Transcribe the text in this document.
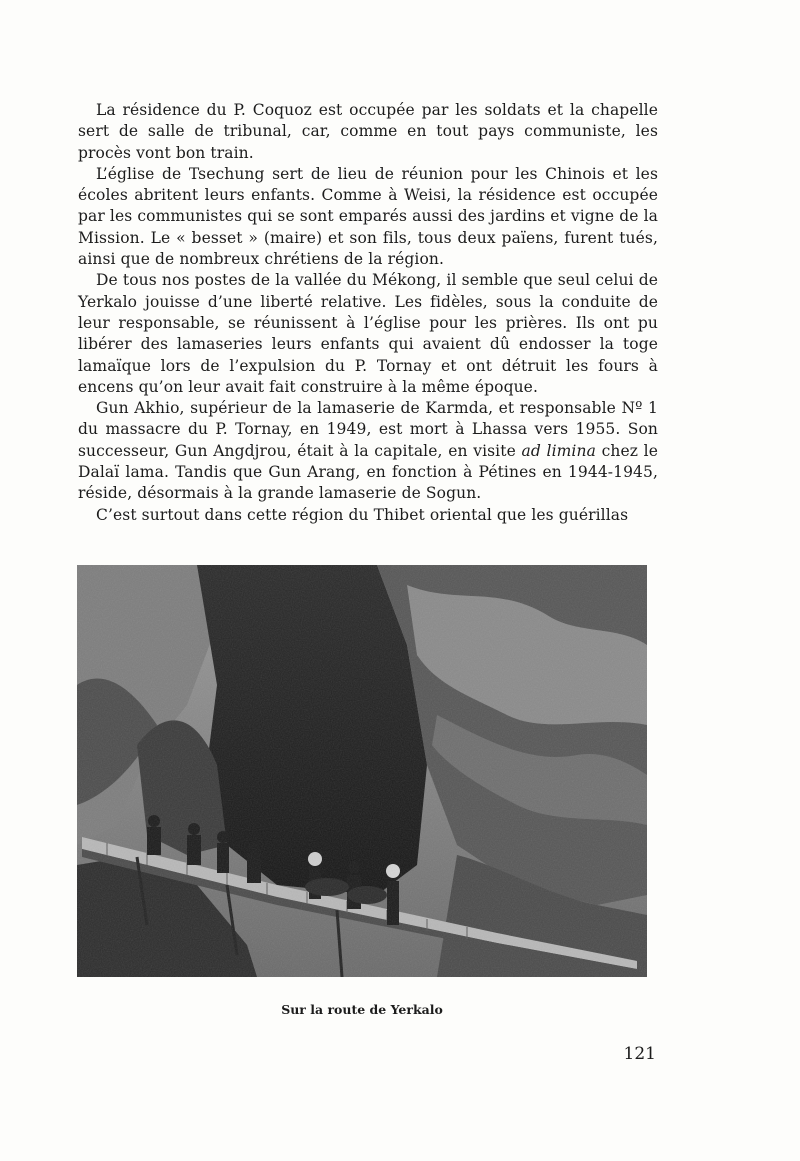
La résidence du P. Coquoz est occupée par les soldats et la chapelle sert de salle de tribunal, car, comme en tout pays communiste, les procès vont bon train.

L’église de Tsechung sert de lieu de réunion pour les Chinois et les écoles abritent leurs enfants. Comme à Weisi, la résidence est occupée par les communistes qui se sont emparés aussi des jardins et vigne de la Mission. Le « besset » (maire) et son fils, tous deux païens, furent tués, ainsi que de nombreux chrétiens de la région.

De tous nos postes de la vallée du Mékong, il semble que seul celui de Yerkalo jouisse d’une liberté relative. Les fidèles, sous la conduite de leur responsable, se réunissent à l’église pour les prières. Ils ont pu libérer des lamaseries leurs enfants qui avaient dû endosser la toge lamaïque lors de l’expulsion du P. Tornay et ont détruit les fours à encens qu’on leur avait fait construire à la même époque.

Gun Akhio, supérieur de la lamaserie de Karmda, et responsable Nº 1 du massacre du P. Tornay, en 1949, est mort à Lhassa vers 1955. Son successeur, Gun Angdjrou, était à la capitale, en visite ad limina chez le Dalaï lama. Tandis que Gun Arang, en fonction à Pétines en 1944-1945, réside, désormais à la grande lamaserie de Sogun.

C’est surtout dans cette région du Thibet oriental que les guérillas

Sur la route de Yerkalo
121
